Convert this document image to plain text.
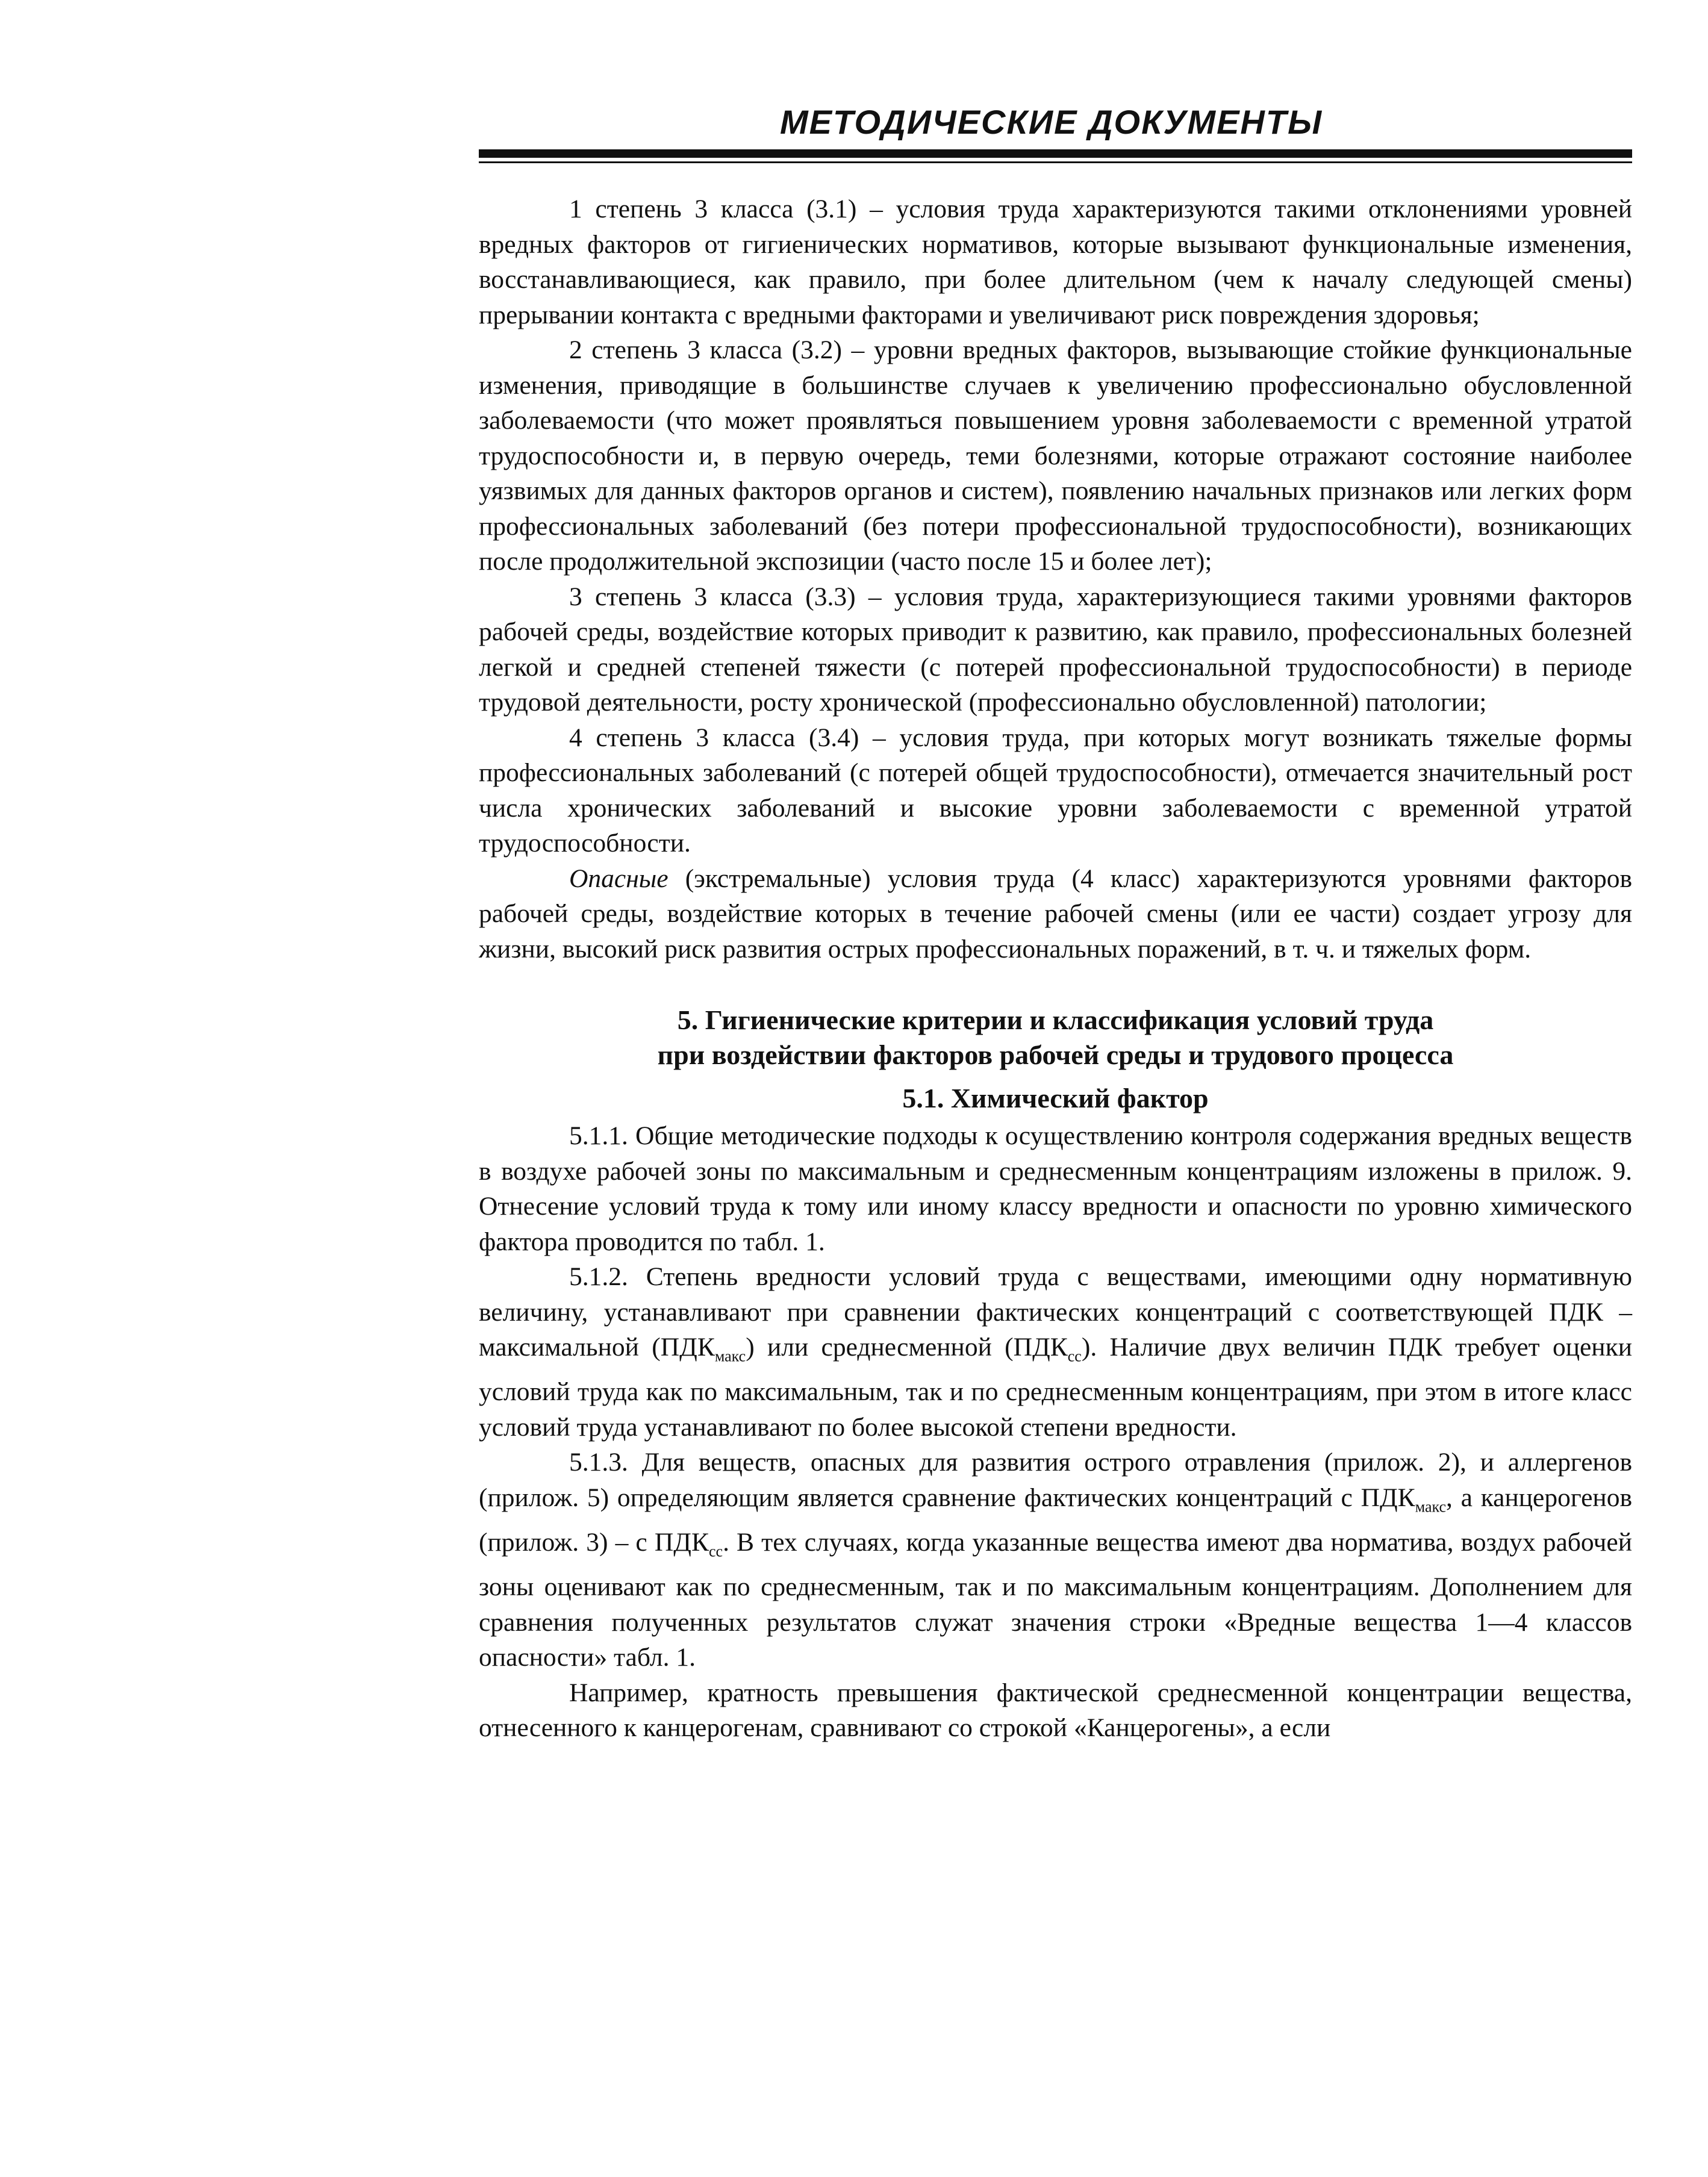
МЕТОДИЧЕСКИЕ ДОКУМЕНТЫ

1 степень 3 класса (3.1) – условия труда характеризуются такими отклонениями уровней вредных факторов от гигиенических нормативов, которые вызывают функциональные изменения, восстанавливающиеся, как правило, при более длительном (чем к началу следующей смены) прерывании контакта с вредными факторами и увеличивают риск повреждения здоровья;

2 степень 3 класса (3.2) – уровни вредных факторов, вызывающие стойкие функциональные изменения, приводящие в большинстве случаев к увеличению профессионально обусловленной заболеваемости (что может проявляться повышением уровня заболеваемости с временной утратой трудоспособности и, в первую очередь, теми болезнями, которые отражают состояние наиболее уязвимых для данных факторов органов и систем), появлению начальных признаков или легких форм профессиональных заболеваний (без потери профессиональной трудоспособности), возникающих после продолжительной экспозиции (часто после 15 и более лет);

3 степень 3 класса (3.3) – условия труда, характеризующиеся такими уровнями факторов рабочей среды, воздействие которых приводит к развитию, как правило, профессиональных болезней легкой и средней степеней тяжести (с потерей профессиональной трудоспособности) в периоде трудовой деятельности, росту хронической (профессионально обусловленной) патологии;

4 степень 3 класса (3.4) – условия труда, при которых могут возникать тяжелые формы профессиональных заболеваний (с потерей общей трудоспособности), отмечается значительный рост числа хронических заболеваний и высокие уровни заболеваемости с временной утратой трудоспособности.

Опасные (экстремальные) условия труда (4 класс) характеризуются уровнями факторов рабочей среды, воздействие которых в течение рабочей смены (или ее части) создает угрозу для жизни, высокий риск развития острых профессиональных поражений, в т. ч. и тяжелых форм.

5. Гигиенические критерии и классификация условий труда
при воздействии факторов рабочей среды и трудового процесса

5.1. Химический фактор

5.1.1. Общие методические подходы к осуществлению контроля содержания вредных веществ в воздухе рабочей зоны по максимальным и среднесменным концентрациям изложены в прилож. 9. Отнесение условий труда к тому или иному классу вредности и опасности по уровню химического фактора проводится по табл. 1.

5.1.2. Степень вредности условий труда с веществами, имеющими одну нормативную величину, устанавливают при сравнении фактических концентраций с соответствующей ПДК – максимальной $(ПДК_{макс})$ или среднесменной $(ПДК_{сс})$. Наличие двух величин ПДК требует оценки условий труда как по максимальным, так и по среднесменным концентрациям, при этом в итоге класс условий труда устанавливают по более высокой степени вредности.

5.1.3. Для веществ, опасных для развития острого отравления (прилож. 2), и аллергенов (прилож. 5) определяющим является сравнение фактических концентраций с $ПДК_{макс}$, а канцерогенов (прилож. 3) – с $ПДК_{сс}$. В тех случаях, когда указанные вещества имеют два норматива, воздух рабочей зоны оценивают как по среднесменным, так и по максимальным концентрациям. Дополнением для сравнения полученных результатов служат значения строки «Вредные вещества 1—4 классов опасности» табл. 1.

Например, кратность превышения фактической среднесменной концентрации вещества, отнесенного к канцерогенам, сравнивают со строкой «Канцерогены», а если
